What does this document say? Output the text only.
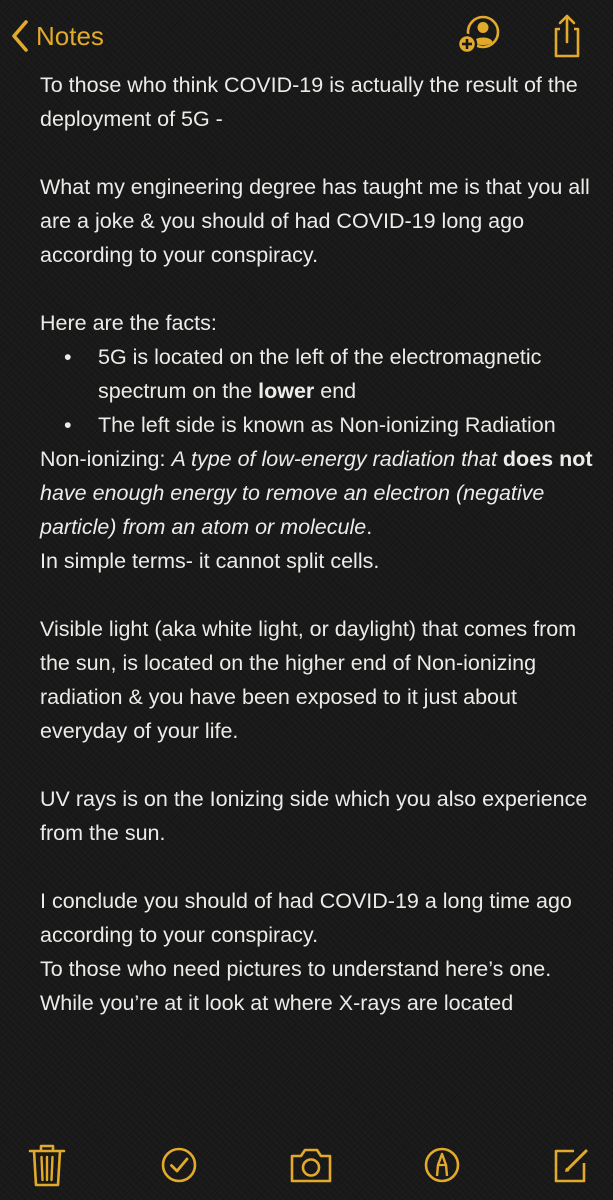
Notes

To those who think COVID-19 is actually the result of the deployment of 5G -

What my engineering degree has taught me is that you all are a joke & you should of had COVID-19 long ago according to your conspiracy.

Here are the facts:

• 5G is located on the left of the electromagnetic spectrum on the lower end
• The left side is known as Non-ionizing Radiation

Non-ionizing: A type of low-energy radiation that does not have enough energy to remove an electron (negative particle) from an atom or molecule.

In simple terms- it cannot split cells.

Visible light (aka white light, or daylight) that comes from the sun, is located on the higher end of Non-ionizing radiation & you have been exposed to it just about everyday of your life.

UV rays is on the Ionizing side which you also experience from the sun.

I conclude you should of had COVID-19 a long time ago according to your conspiracy.

To those who need pictures to understand here’s one.

While you’re at it look at where X-rays are located
